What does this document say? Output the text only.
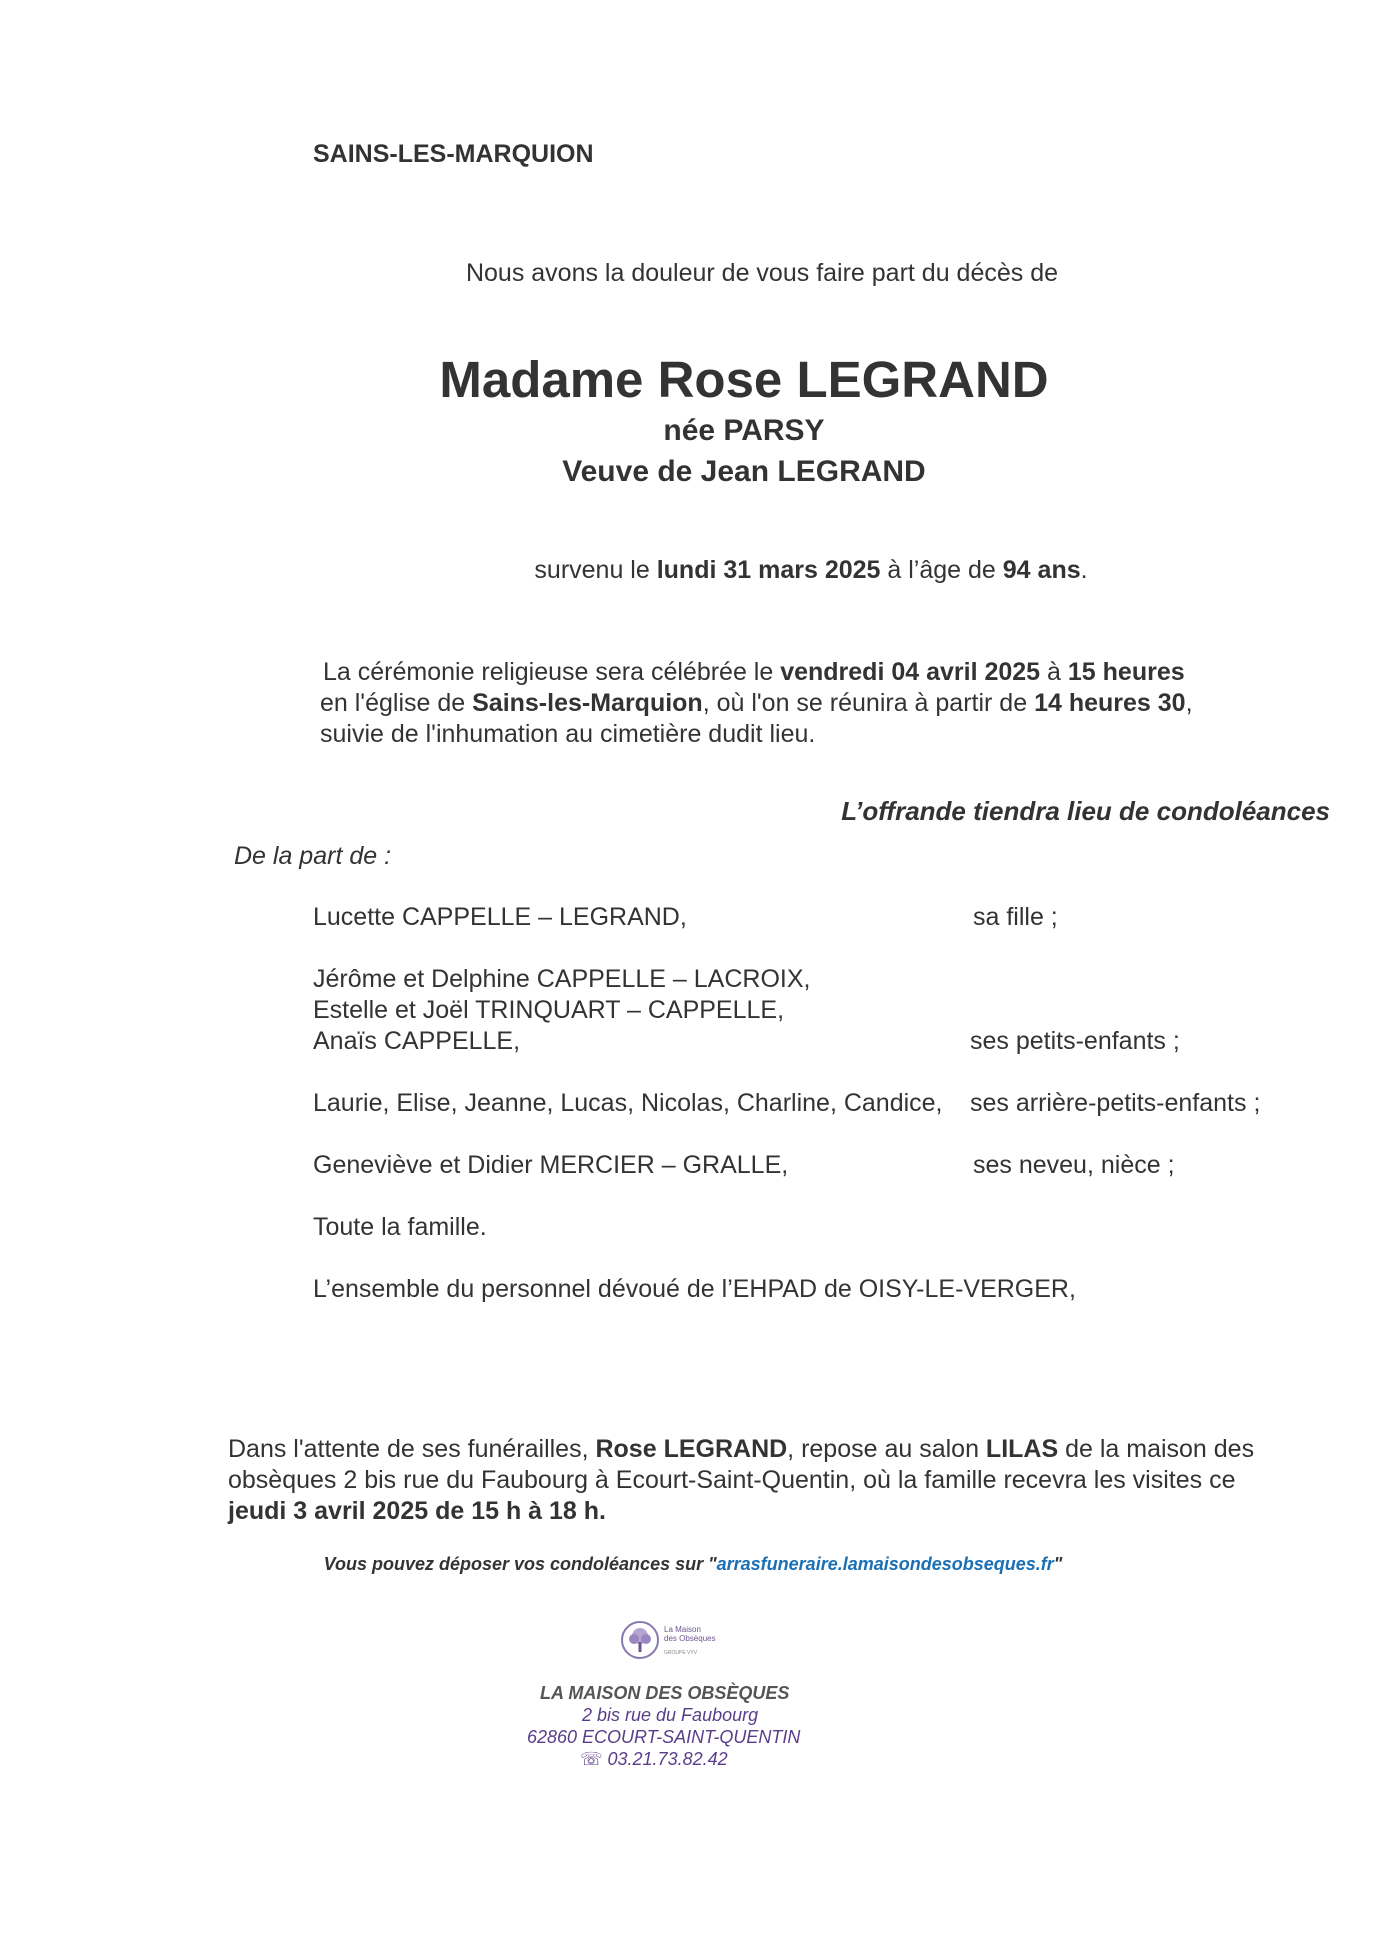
SAINS-LES-MARQUION
Nous avons la douleur de vous faire part du décès de
Madame Rose LEGRAND
née PARSY
Veuve de Jean LEGRAND
survenu le lundi 31 mars 2025 à l’âge de 94 ans.
La cérémonie religieuse sera célébrée le vendredi 04 avril 2025 à 15 heures
en l'église de Sains-les-Marquion, où l'on se réunira à partir de 14 heures 30,
suivie de l'inhumation au cimetière dudit lieu.
L’offrande tiendra lieu de condoléances
De la part de :
Lucette CAPPELLE – LEGRAND,	sa fille ;
Jérôme et Delphine CAPPELLE – LACROIX,
Estelle et Joël TRINQUART – CAPPELLE,
Anaïs CAPPELLE,	ses petits-enfants ;
Laurie, Elise, Jeanne, Lucas, Nicolas, Charline, Candice, ses arrière-petits-enfants ;
Geneviève et Didier MERCIER – GRALLE,	ses neveu, nièce ;
Toute la famille.
L’ensemble du personnel dévoué de l’EHPAD de OISY-LE-VERGER,
Dans l'attente de ses funérailles, Rose LEGRAND, repose au salon LILAS de la maison des
obsèques 2 bis rue du Faubourg à Ecourt-Saint-Quentin, où la famille recevra les visites ce
jeudi 3 avril 2025 de 15 h à 18 h.
Vous pouvez déposer vos condoléances sur "arrasfuneraire.lamaisondesobseques.fr"
La Maison
des Obsèques
GROUPE VYV
LA MAISON DES OBSÈQUES
2 bis rue du Faubourg
62860 ECOURT-SAINT-QUENTIN
☏ 03.21.73.82.42
